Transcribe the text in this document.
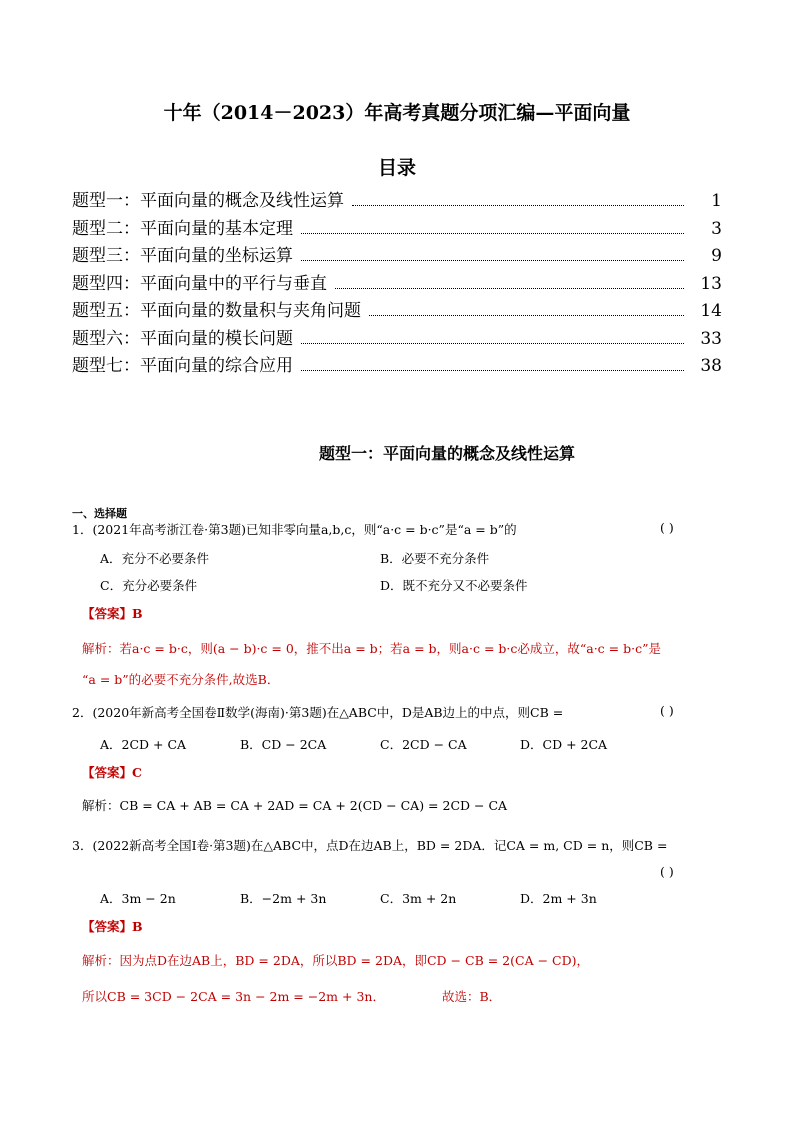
十年（2014－2023）年高考真题分项汇编—平面向量
目录
题型一：平面向量的概念及线性运算	1
题型二：平面向量的基本定理	3
题型三：平面向量的坐标运算	9
题型四：平面向量中的平行与垂直	13
题型五：平面向量的数量积与夹角问题	14
题型六：平面向量的模长问题	33
题型七：平面向量的综合应用	38
题型一：平面向量的概念及线性运算
一、选择题
1．(2021年高考浙江卷·第3题)已知非零向量a,b,c，则“a·c = b·c”是“a = b”的	( )
A．充分不必要条件	B．必要不充分条件
C．充分必要条件	D．既不充分又不必要条件
【答案】B
解析：若a·c = b·c，则(a − b)·c = 0，推不出a = b；若a = b，则a·c = b·c必成立，故“a·c = b·c”是
“a = b”的必要不充分条件,故选B．
2．(2020年新高考全国卷Ⅱ数学(海南)·第3题)在△ABC中，D是AB边上的中点，则CB =	( )
A．2CD + CA	B．CD − 2CA	C．2CD − CA	D．CD + 2CA
【答案】C
解析：CB = CA + AB = CA + 2AD = CA + 2(CD − CA) = 2CD − CA
3．(2022新高考全国Ⅰ卷·第3题)在△ABC中，点D在边AB上，BD = 2DA．记CA = m, CD = n，则CB =
( )
A．3m − 2n	B．−2m + 3n	C．3m + 2n	D．2m + 3n
【答案】B
解析：因为点D在边AB上，BD = 2DA，所以BD = 2DA，即CD − CB = 2(CA − CD)，
所以CB = 3CD − 2CA = 3n − 2m = −2m + 3n．	故选：B．
